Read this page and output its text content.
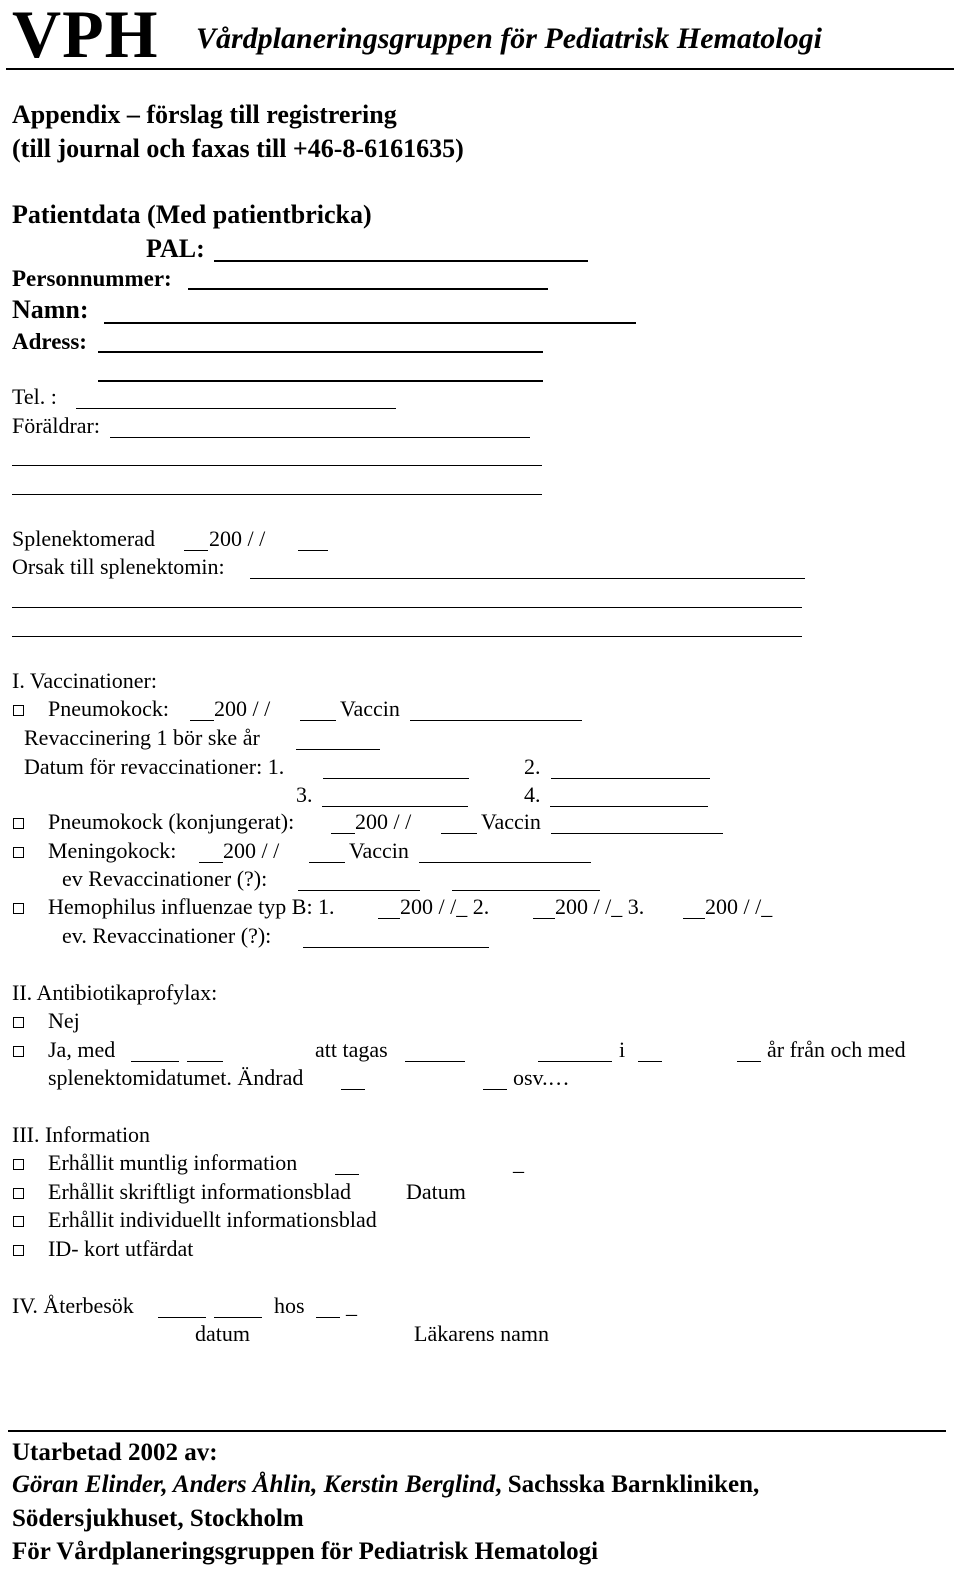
VPH Vårdplaneringsgruppen för Pediatrisk Hematologi
Appendix – förslag till registrering
(till journal och faxas till +46-8-6161635)
Patientdata (Med patientbricka)
PAL:
Personnummer:
Namn:
Adress:
Tel. :
Föräldrar:
Splenektomerad 200 / /
Orsak till splenektomin:
I. Vaccinationer:
Pneumokock: 200 / /	Vaccin
Revaccinering 1 bör ske år
Datum för revaccinationer: 1.	2.
3.	4.
Pneumokock (konjungerat):	200 / /	Vaccin
Meningokock: 200 / /	Vaccin
ev Revaccinationer (?):
Hemophilus influenzae typ B: 1.	200 / /_ 2.	200 / /_ 3.	200 / /_
ev. Revaccinationer (?):
II. Antibiotikaprofylax:
Nej
Ja, med	att tagas	i	år från och med
splenektomidatumet. Ändrad	osv.…
III. Information
Erhållit muntlig information	_
Erhållit skriftligt informationsblad Datum
Erhållit individuellt informationsblad
ID- kort utfärdat
IV. Återbesök	hos _
datum	Läkarens namn
Utarbetad 2002 av:
Göran Elinder, Anders Åhlin, Kerstin Berglind, Sachsska Barnkliniken,
Södersjukhuset, Stockholm
För Vårdplaneringsgruppen för Pediatrisk Hematologi
